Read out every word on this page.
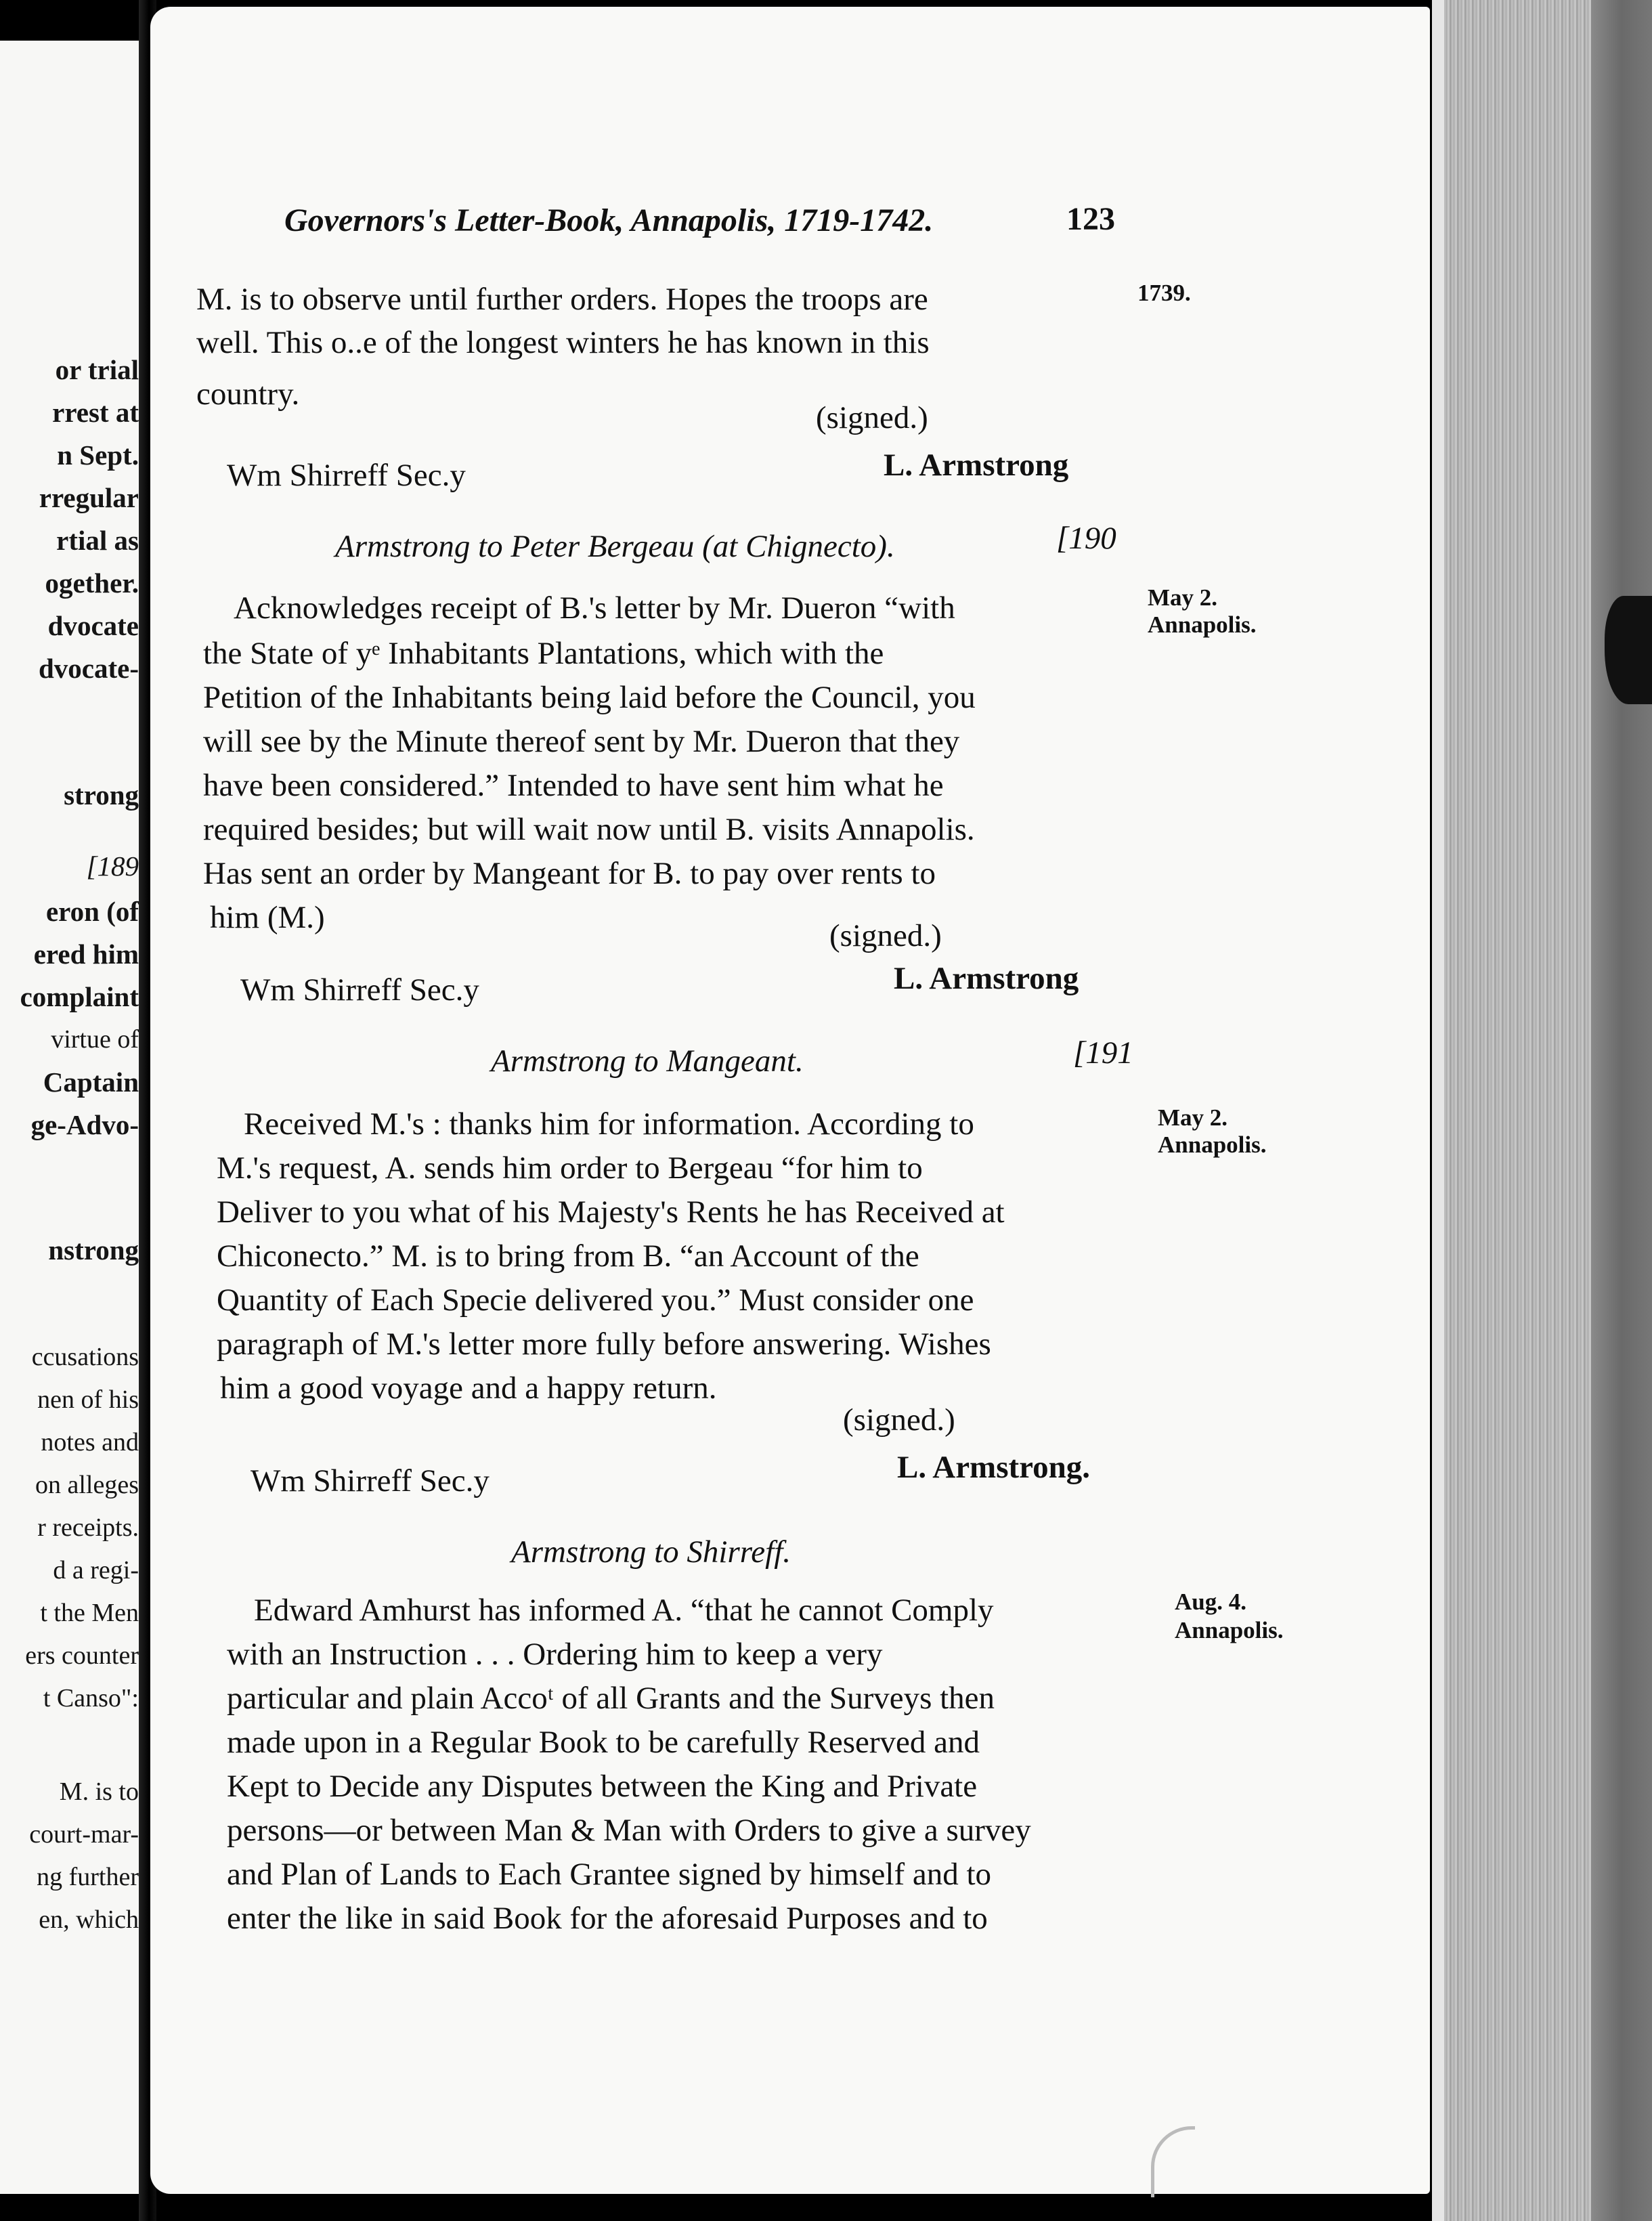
or trial
rrest at
n Sept.
rregular
rtial as
ogether.
dvocate
dvocate-
strong
[189
eron (of
ered him
complaint
virtue of
Captain
ge-Advo-
nstrong
ccusations
nen of his
notes and
on alleges
r receipts.
d a regi-
t the Men
ers counter
t Canso":
M. is to
court-mar-
ng further
en, which
Governors's Letter-Book, Annapolis, 1719-1742.	123
M. is to observe until further orders. Hopes the troops are
well. This o..e of the longest winters he has known in this
country.
1739.
(signed.)
Wm Shirreff Sec.y	L. Armstrong
Armstrong to Peter Bergeau (at Chignecto).	[190
May 2.
Annapolis.
Acknowledges receipt of B.'s letter by Mr. Dueron “with
the State of yᵉ Inhabitants Plantations, which with the
Petition of the Inhabitants being laid before the Council, you
will see by the Minute thereof sent by Mr. Dueron that they
have been considered.” Intended to have sent him what he
required besides; but will wait now until B. visits Annapolis.
Has sent an order by Mangeant for B. to pay over rents to
him (M.)
(signed.)
Wm Shirreff Sec.y	L. Armstrong
Armstrong to Mangeant.	[191
May 2.
Annapolis.
Received M.'s : thanks him for information. According to
M.'s request, A. sends him order to Bergeau “for him to
Deliver to you what of his Majesty's Rents he has Received at
Chiconecto.” M. is to bring from B. “an Account of the
Quantity of Each Specie delivered you.” Must consider one
paragraph of M.'s letter more fully before answering. Wishes
him a good voyage and a happy return.
(signed.)
Wm Shirreff Sec.y	L. Armstrong.
Armstrong to Shirreff.
Aug. 4.
Annapolis.
Edward Amhurst has informed A. “that he cannot Comply
with an Instruction . . . Ordering him to keep a very
particular and plain Accoᵗ of all Grants and the Surveys then
made upon in a Regular Book to be carefully Reserved and
Kept to Decide any Disputes between the King and Private
persons—or between Man & Man with Orders to give a survey
and Plan of Lands to Each Grantee signed by himself and to
enter the like in said Book for the aforesaid Purposes and to
